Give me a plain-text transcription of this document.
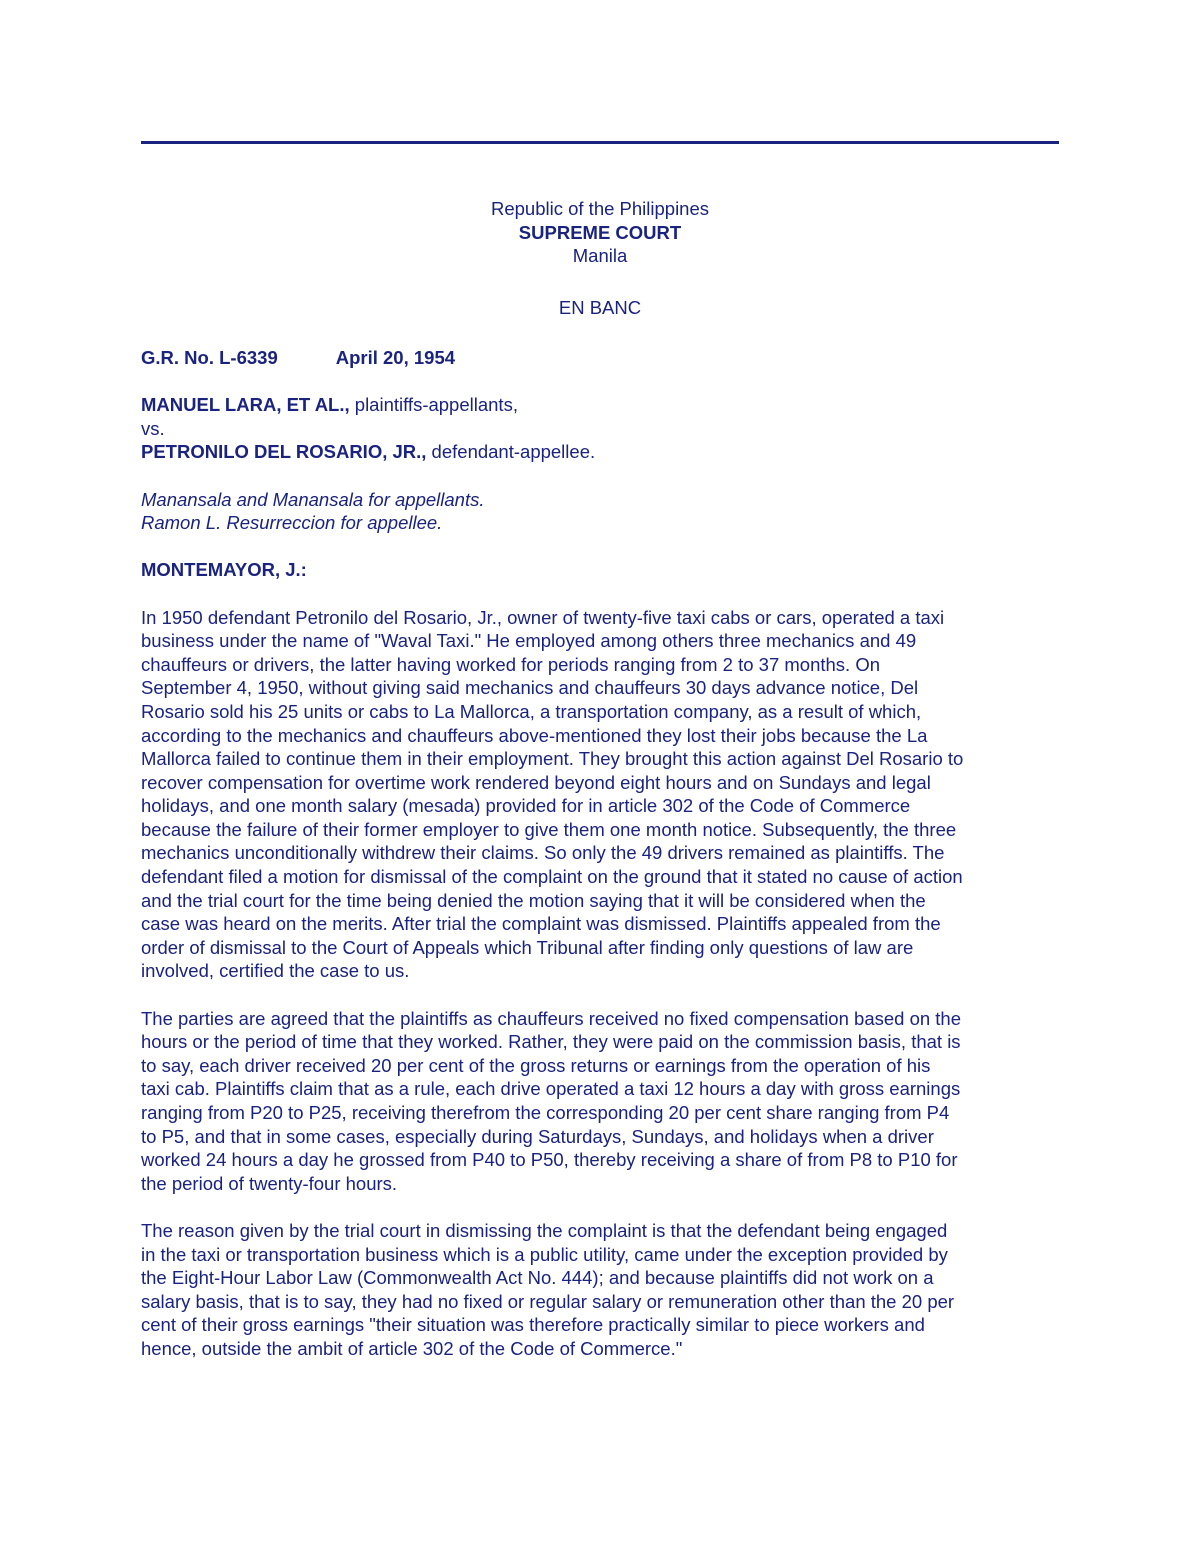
Republic of the Philippines
SUPREME COURT
Manila
EN BANC
G.R. No. L-6339	April 20, 1954
MANUEL LARA, ET AL., plaintiffs-appellants,
vs.
PETRONILO DEL ROSARIO, JR., defendant-appellee.
Manansala and Manansala for appellants.
Ramon L. Resurreccion for appellee.
MONTEMAYOR, J.:

In 1950 defendant Petronilo del Rosario, Jr., owner of twenty-five taxi cabs or cars, operated a taxi
business under the name of "Waval Taxi." He employed among others three mechanics and 49
chauffeurs or drivers, the latter having worked for periods ranging from 2 to 37 months. On
September 4, 1950, without giving said mechanics and chauffeurs 30 days advance notice, Del
Rosario sold his 25 units or cabs to La Mallorca, a transportation company, as a result of which,
according to the mechanics and chauffeurs above-mentioned they lost their jobs because the La
Mallorca failed to continue them in their employment. They brought this action against Del Rosario to
recover compensation for overtime work rendered beyond eight hours and on Sundays and legal
holidays, and one month salary (mesada) provided for in article 302 of the Code of Commerce
because the failure of their former employer to give them one month notice. Subsequently, the three
mechanics unconditionally withdrew their claims. So only the 49 drivers remained as plaintiffs. The
defendant filed a motion for dismissal of the complaint on the ground that it stated no cause of action
and the trial court for the time being denied the motion saying that it will be considered when the
case was heard on the merits. After trial the complaint was dismissed. Plaintiffs appealed from the
order of dismissal to the Court of Appeals which Tribunal after finding only questions of law are
involved, certified the case to us.

The parties are agreed that the plaintiffs as chauffeurs received no fixed compensation based on the
hours or the period of time that they worked. Rather, they were paid on the commission basis, that is
to say, each driver received 20 per cent of the gross returns or earnings from the operation of his
taxi cab. Plaintiffs claim that as a rule, each drive operated a taxi 12 hours a day with gross earnings
ranging from P20 to P25, receiving therefrom the corresponding 20 per cent share ranging from P4
to P5, and that in some cases, especially during Saturdays, Sundays, and holidays when a driver
worked 24 hours a day he grossed from P40 to P50, thereby receiving a share of from P8 to P10 for
the period of twenty-four hours.

The reason given by the trial court in dismissing the complaint is that the defendant being engaged
in the taxi or transportation business which is a public utility, came under the exception provided by
the Eight-Hour Labor Law (Commonwealth Act No. 444); and because plaintiffs did not work on a
salary basis, that is to say, they had no fixed or regular salary or remuneration other than the 20 per
cent of their gross earnings "their situation was therefore practically similar to piece workers and
hence, outside the ambit of article 302 of the Code of Commerce."
